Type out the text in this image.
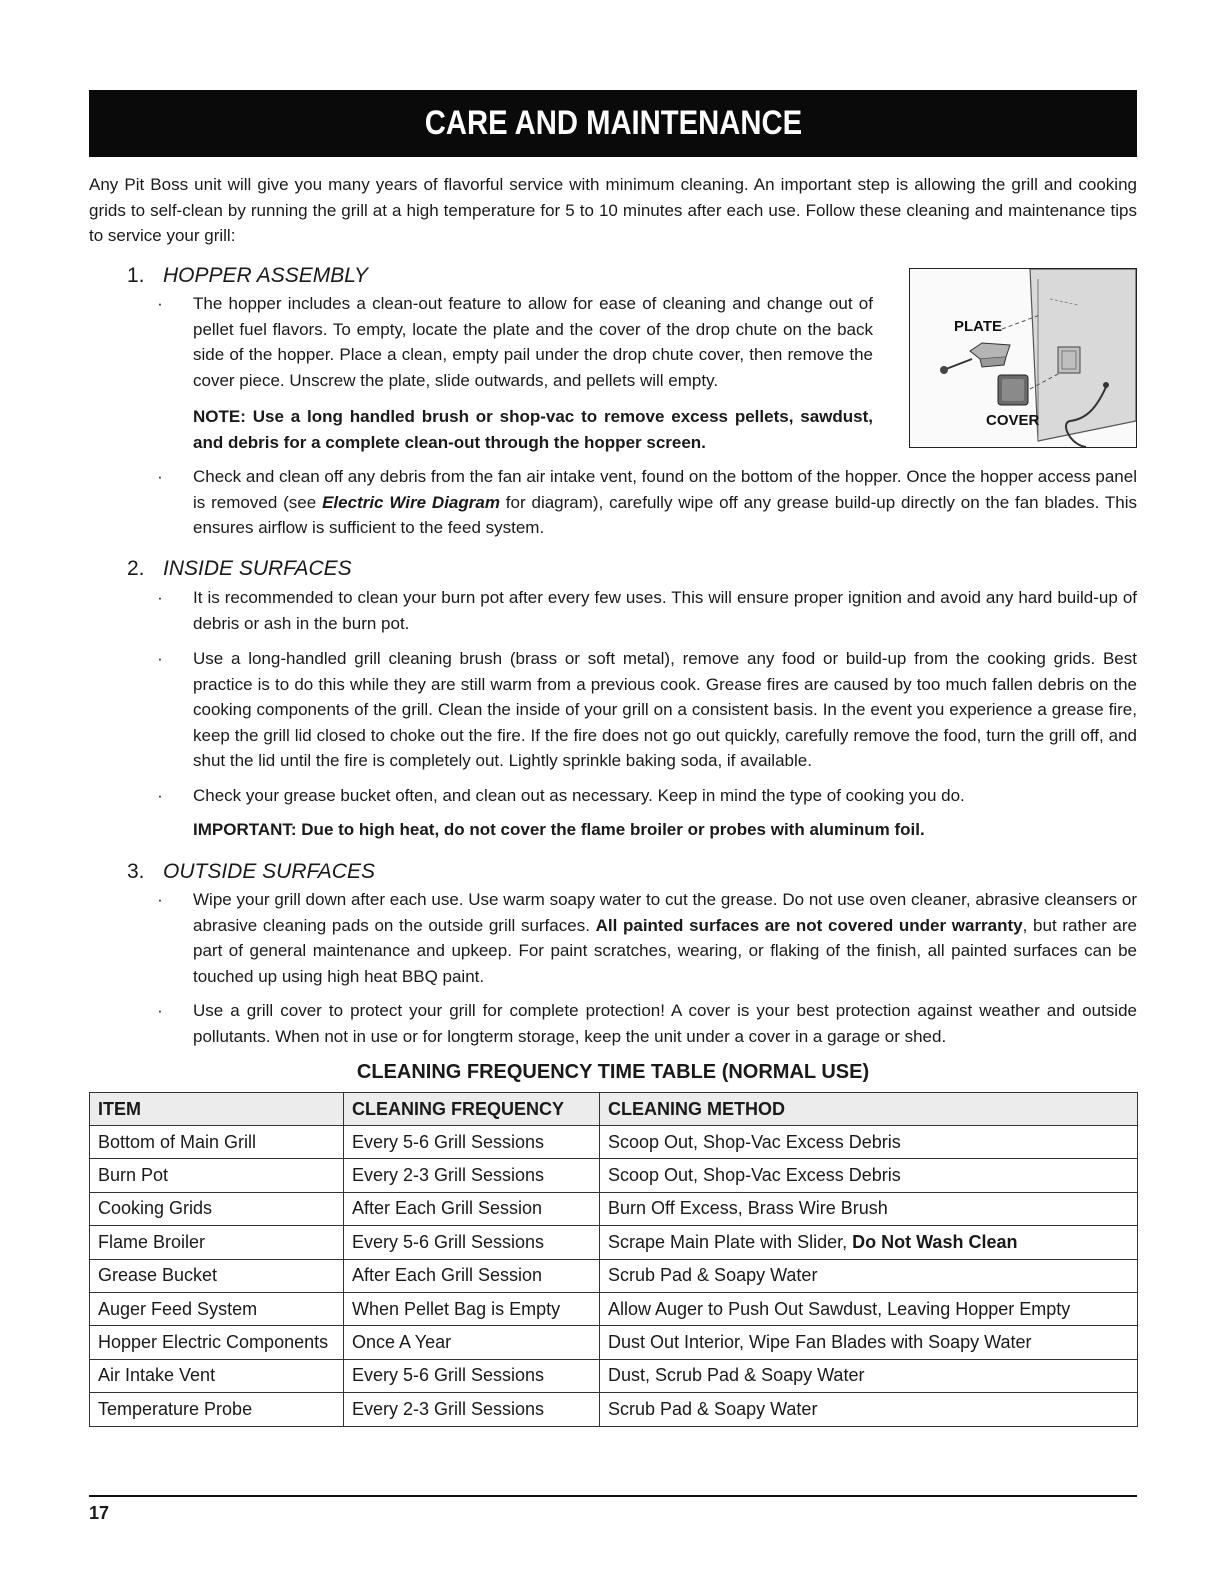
CARE AND MAINTENANCE
Any Pit Boss unit will give you many years of flavorful service with minimum cleaning. An important step is allowing the grill and cooking grids to self-clean by running the grill at a high temperature for 5 to 10 minutes after each use. Follow these cleaning and maintenance tips to service your grill:
1. HOPPER ASSEMBLY
· The hopper includes a clean-out feature to allow for ease of cleaning and change out of pellet fuel flavors. To empty, locate the plate and the cover of the drop chute on the back side of the hopper. Place a clean, empty pail under the drop chute cover, then remove the cover piece. Unscrew the plate, slide outwards, and pellets will empty.
NOTE: Use a long handled brush or shop-vac to remove excess pellets, sawdust, and debris for a complete clean-out through the hopper screen.
· Check and clean off any debris from the fan air intake vent, found on the bottom of the hopper. Once the hopper access panel is removed (see Electric Wire Diagram for diagram), carefully wipe off any grease build-up directly on the fan blades. This ensures airflow is sufficient to the feed system.
PLATE
COVER
2. INSIDE SURFACES
· It is recommended to clean your burn pot after every few uses. This will ensure proper ignition and avoid any hard build-up of debris or ash in the burn pot.
· Use a long-handled grill cleaning brush (brass or soft metal), remove any food or build-up from the cooking grids. Best practice is to do this while they are still warm from a previous cook. Grease fires are caused by too much fallen debris on the cooking components of the grill. Clean the inside of your grill on a consistent basis. In the event you experience a grease fire, keep the grill lid closed to choke out the fire. If the fire does not go out quickly, carefully remove the food, turn the grill off, and shut the lid until the fire is completely out. Lightly sprinkle baking soda, if available.
· Check your grease bucket often, and clean out as necessary. Keep in mind the type of cooking you do.
IMPORTANT: Due to high heat, do not cover the flame broiler or probes with aluminum foil.
3. OUTSIDE SURFACES
· Wipe your grill down after each use. Use warm soapy water to cut the grease. Do not use oven cleaner, abrasive cleansers or abrasive cleaning pads on the outside grill surfaces. All painted surfaces are not covered under warranty, but rather are part of general maintenance and upkeep. For paint scratches, wearing, or flaking of the finish, all painted surfaces can be touched up using high heat BBQ paint.
· Use a grill cover to protect your grill for complete protection! A cover is your best protection against weather and outside pollutants. When not in use or for longterm storage, keep the unit under a cover in a garage or shed.
CLEANING FREQUENCY TIME TABLE (NORMAL USE)
ITEM	CLEANING FREQUENCY	CLEANING METHOD
Bottom of Main Grill	Every 5-6 Grill Sessions	Scoop Out, Shop-Vac Excess Debris
Burn Pot	Every 2-3 Grill Sessions	Scoop Out, Shop-Vac Excess Debris
Cooking Grids	After Each Grill Session	Burn Off Excess, Brass Wire Brush
Flame Broiler	Every 5-6 Grill Sessions	Scrape Main Plate with Slider, Do Not Wash Clean
Grease Bucket	After Each Grill Session	Scrub Pad & Soapy Water
Auger Feed System	When Pellet Bag is Empty	Allow Auger to Push Out Sawdust, Leaving Hopper Empty
Hopper Electric Components	Once A Year	Dust Out Interior, Wipe Fan Blades with Soapy Water
Air Intake Vent	Every 5-6 Grill Sessions	Dust, Scrub Pad & Soapy Water
Temperature Probe	Every 2-3 Grill Sessions	Scrub Pad & Soapy Water
17
